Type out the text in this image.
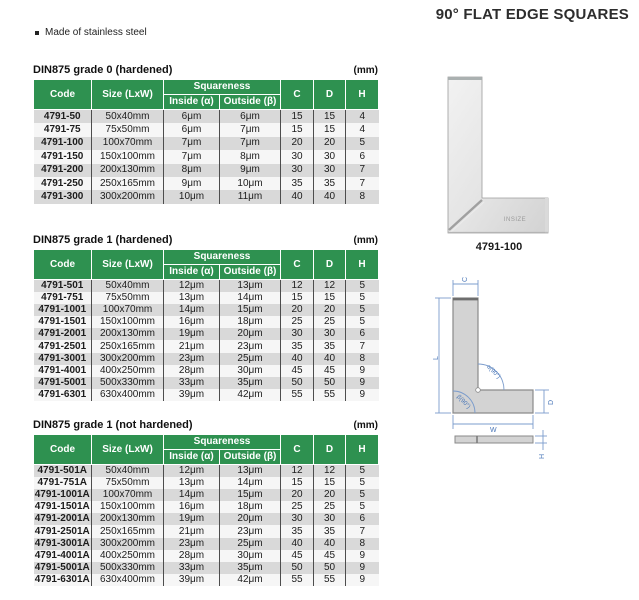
Made of stainless steel
90° FLAT EDGE SQUARES
DIN875 grade 0 (hardened)	(mm)
Code	Size (LxW)	Squareness		C	D	H
		Inside (α)	Outside (β)			
4791-50	50x40mm	6μm	6μm	15	15	4
4791-75	75x50mm	6μm	7μm	15	15	4
4791-100	100x70mm	7μm	7μm	20	20	5
4791-150	150x100mm	7μm	8μm	30	30	6
4791-200	200x130mm	8μm	9μm	30	30	7
4791-250	250x165mm	9μm	10μm	35	35	7
4791-300	300x200mm	10μm	11μm	40	40	8
DIN875 grade 1 (hardened)	(mm)
Code	Size (LxW)	Squareness		C	D	H
		Inside (α)	Outside (β)			
4791-501	50x40mm	12μm	13μm	12	12	5
4791-751	75x50mm	13μm	14μm	15	15	5
4791-1001	100x70mm	14μm	15μm	20	20	5
4791-1501	150x100mm	16μm	18μm	25	25	5
4791-2001	200x130mm	19μm	20μm	30	30	6
4791-2501	250x165mm	21μm	23μm	35	35	7
4791-3001	300x200mm	23μm	25μm	40	40	8
4791-4001	400x250mm	28μm	30μm	45	45	9
4791-5001	500x330mm	33μm	35μm	50	50	9
4791-6301	630x400mm	39μm	42μm	55	55	9
DIN875 grade 1 (not hardened)	(mm)
Code	Size (LxW)	Squareness		C	D	H
		Inside (α)	Outside (β)			
4791-501A	50x40mm	12μm	13μm	12	12	5
4791-751A	75x50mm	13μm	14μm	15	15	5
4791-1001A	100x70mm	14μm	15μm	20	20	5
4791-1501A	150x100mm	16μm	18μm	25	25	5
4791-2001A	200x130mm	19μm	20μm	30	30	6
4791-2501A	250x165mm	21μm	23μm	35	35	7
4791-3001A	300x200mm	23μm	25μm	40	40	8
4791-4001A	400x250mm	28μm	30μm	45	45	9
4791-5001A	500x330mm	33μm	35μm	50	50	9
4791-6301A	630x400mm	39μm	42μm	55	55	9
INSIZE
4791-100
C
L
W
D
α(90°)
β(90°)
H
